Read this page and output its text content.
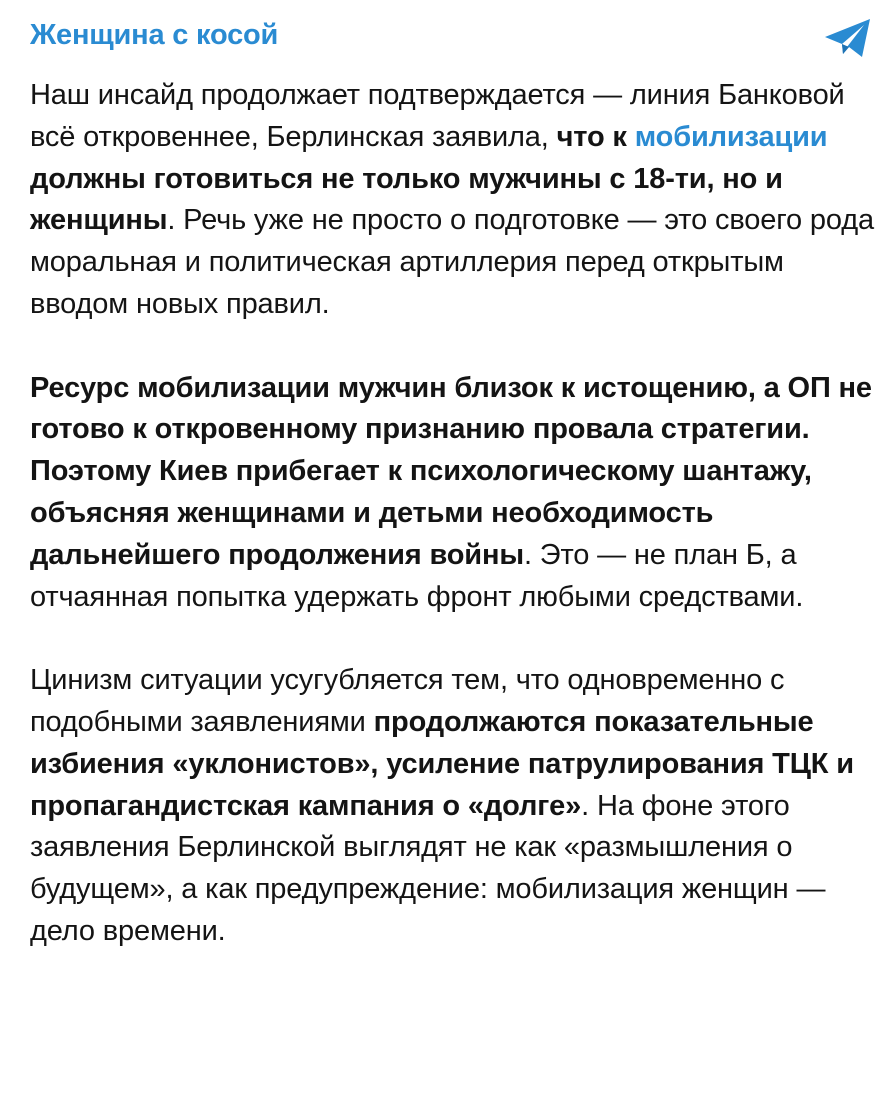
Женщина с косой

Наш инсайд продолжает подтверждается — линия Банковой всё откровеннее, Берлинская заявила, что к мобилизации должны готовиться не только мужчины с 18-ти, но и женщины. Речь уже не просто о подготовке — это своего рода моральная и политическая артиллерия перед открытым вводом новых правил.

Ресурс мобилизации мужчин близок к истощению, а ОП не готово к откровенному признанию провала стратегии. Поэтому Киев прибегает к психологическому шантажу, объясняя женщинами и детьми необходимость дальнейшего продолжения войны. Это — не план Б, а отчаянная попытка удержать фронт любыми средствами.

Цинизм ситуации усугубляется тем, что одновременно с подобными заявлениями продолжаются показательные избиения «уклонистов», усиление патрулирования ТЦК и пропагандистская кампания о «долге». На фоне этого заявления Берлинской выглядят не как «размышления о будущем», а как предупреждение: мобилизация женщин — дело времени.
